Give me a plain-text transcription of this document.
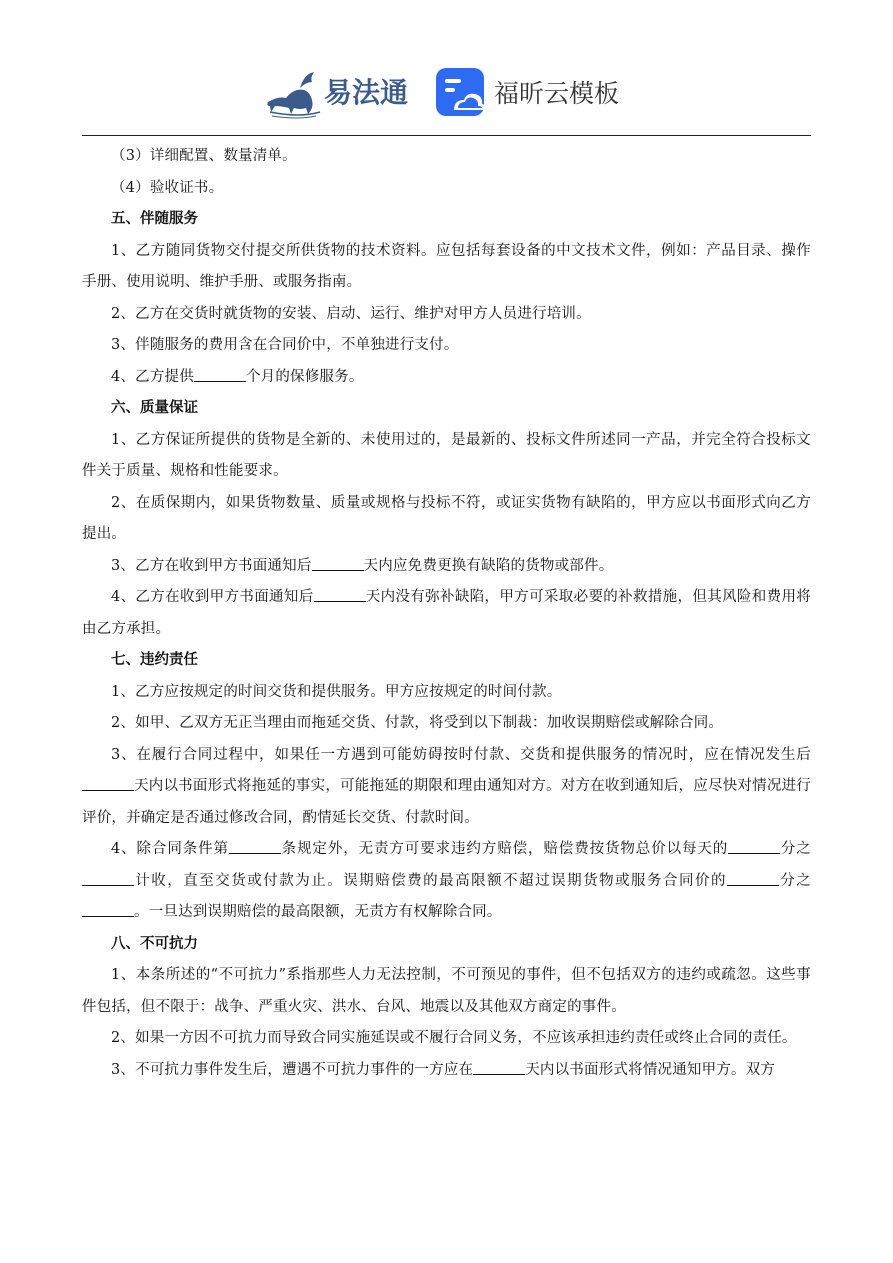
易法通	福昕云模板

（3）详细配置、数量清单。

（4）验收证书。

五、伴随服务

1、乙方随同货物交付提交所供货物的技术资料。应包括每套设备的中文技术文件，例如：产品目录、操作手册、使用说明、维护手册、或服务指南。

2、乙方在交货时就货物的安装、启动、运行、维护对甲方人员进行培训。

3、伴随服务的费用含在合同价中，不单独进行支付。

4、乙方提供	个月的保修服务。

六、质量保证

1、乙方保证所提供的货物是全新的、未使用过的，是最新的、投标文件所述同一产品，并完全符合投标文件关于质量、规格和性能要求。

2、在质保期内，如果货物数量、质量或规格与投标不符，或证实货物有缺陷的，甲方应以书面形式向乙方提出。

3、乙方在收到甲方书面通知后	天内应免费更换有缺陷的货物或部件。

4、乙方在收到甲方书面通知后	天内没有弥补缺陷，甲方可采取必要的补救措施，但其风险和费用将由乙方承担。

七、违约责任

1、乙方应按规定的时间交货和提供服务。甲方应按规定的时间付款。

2、如甲、乙双方无正当理由而拖延交货、付款，将受到以下制裁：加收误期赔偿或解除合同。

3、在履行合同过程中，如果任一方遇到可能妨碍按时付款、交货和提供服务的情况时，应在情况发生后天内以书面形式将拖延的事实，可能拖延的期限和理由通知对方。对方在收到通知后，应尽快对情况进行评价，并确定是否通过修改合同，酌情延长交货、付款时间。

4、除合同条件第	条规定外，无责方可要求违约方赔偿，赔偿费按货物总价以每天的	分之计收，直至交货或付款为止。误期赔偿费的最高限额不超过误期货物或服务合同价的	分之。一旦达到误期赔偿的最高限额，无责方有权解除合同。

八、不可抗力

1、本条所述的“不可抗力”系指那些人力无法控制，不可预见的事件，但不包括双方的违约或疏忽。这些事件包括，但不限于：战争、严重火灾、洪水、台风、地震以及其他双方商定的事件。

2、如果一方因不可抗力而导致合同实施延误或不履行合同义务，不应该承担违约责任或终止合同的责任。

3、不可抗力事件发生后，遭遇不可抗力事件的一方应在	天内以书面形式将情况通知甲方。双方
